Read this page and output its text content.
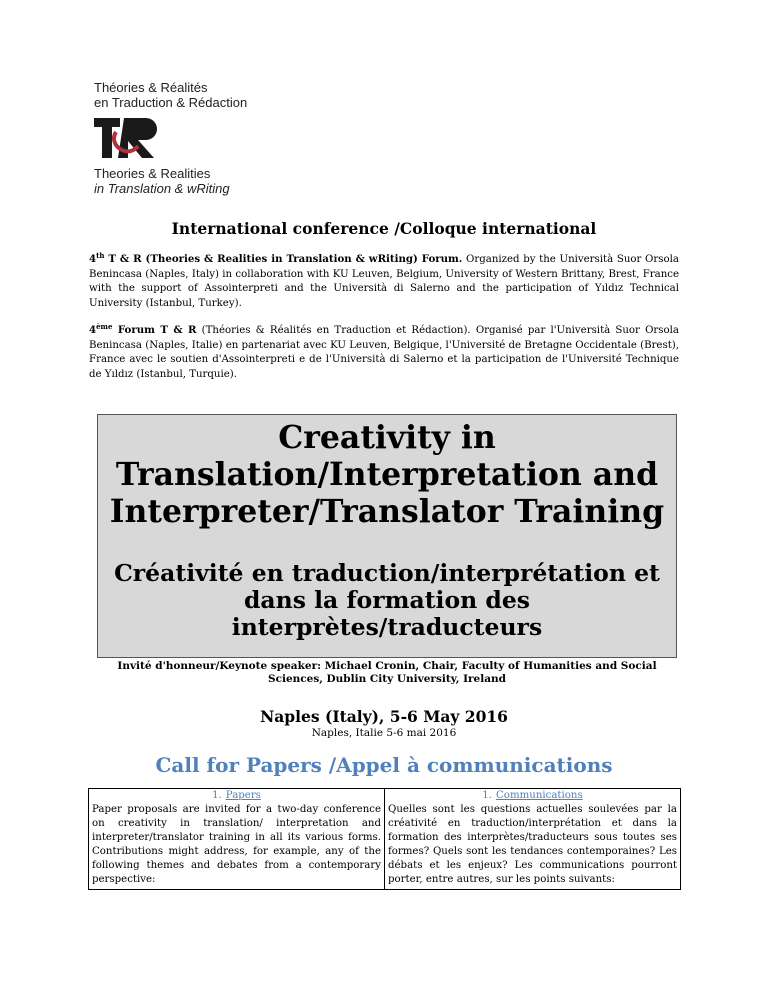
Théories & Réalités
en Traduction & Rédaction
Theories & Realities
in Translation & wRiting
International conference /Colloque international
4th T & R (Theories & Realities in Translation & wRiting) Forum. Organized by the Università Suor Orsola Benincasa (Naples, Italy) in collaboration with KU Leuven, Belgium, University of Western Brittany, Brest, France with the support of Assointerpreti and the Università di Salerno and the participation of Yıldız Technical University (Istanbul, Turkey).
4ème Forum T & R (Théories & Réalités en Traduction et Rédaction). Organisé par l'Università Suor Orsola Benincasa (Naples, Italie) en partenariat avec KU Leuven, Belgique, l'Université de Bretagne Occidentale (Brest), France avec le soutien d'Assointerpreti e de l'Università di Salerno et la participation de l'Université Technique de Yıldız (Istanbul, Turquie).
Creativity in
Translation/Interpretation and
Interpreter/Translator Training
Créativité en traduction/interprétation et
dans la formation des
interprètes/traducteurs
Invité d'honneur/Keynote speaker: Michael Cronin, Chair, Faculty of Humanities and Social Sciences, Dublin City University, Ireland
Naples (Italy), 5-6 May 2016
Naples, Italie 5-6 mai 2016
Call for Papers /Appel à communications
1. Papers
Paper proposals are invited for a two-day conference on creativity in translation/ interpretation and interpreter/translator training in all its various forms. Contributions might address, for example, any of the following themes and debates from a contemporary perspective:

1. Communications
Quelles sont les questions actuelles soulevées par la créativité en traduction/interprétation et dans la formation des interprètes/traducteurs sous toutes ses formes? Quels sont les tendances contemporaines? Les débats et les enjeux? Les communications pourront porter, entre autres, sur les points suivants:
